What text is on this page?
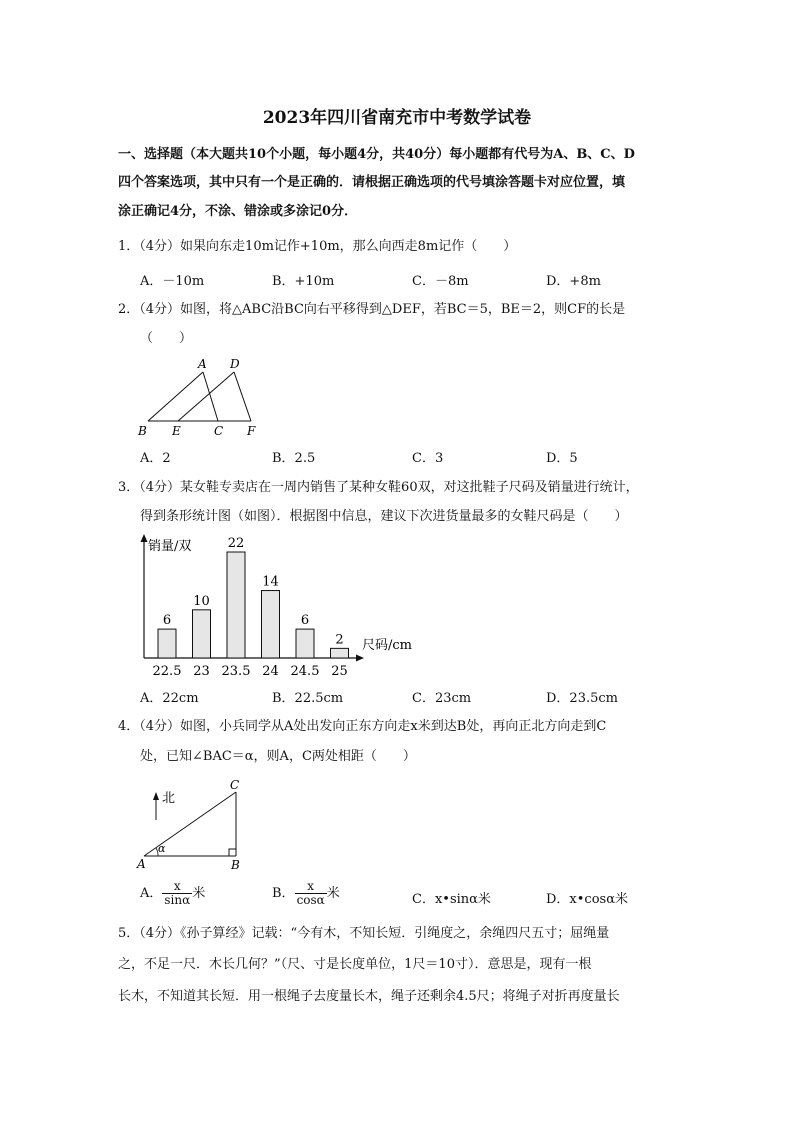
2023年四川省南充市中考数学试卷
一、选择题（本大题共10个小题，每小题4分，共40分）每小题都有代号为A、B、C、D
四个答案选项，其中只有一个是正确的．请根据正确选项的代号填涂答题卡对应位置，填
涂正确记4分，不涂、错涂或多涂记0分．
1．（4分）如果向东走10m记作+10m，那么向西走8m记作（　　）
A．－10m	B．+10m	C．－8m	D．+8m
2．（4分）如图，将△ABC沿BC向右平移得到△DEF，若BC＝5，BE＝2，则CF的长是
（　　）
A D
B E	C F
A．2	B．2.5	C．3	D．5
3．（4分）某女鞋专卖店在一周内销售了某种女鞋60双，对这批鞋子尺码及销量进行统计，
得到条形统计图（如图）．根据图中信息，建议下次进货量最多的女鞋尺码是（　　）
销量/双
尺码/cm
6
22.5
10
23
22
23.5
14
24
6
24.5
2
25
A．22cm	B．22.5cm	C．23cm	D．23.5cm
4．（4分）如图，小兵同学从A处出发向正东方向走x米到达B处，再向正北方向走到C
处，已知∠BAC＝α，则A，C两处相距（　　）
北
C
A	B
α
A． $\frac{x}{\sin\alpha}$ 米	B． $\frac{x}{\cos\alpha}$ 米	C．x•sinα米	D．x•cosα米
5．（4分）《孙子算经》记载：“今有木，不知长短．引绳度之，余绳四尺五寸；屈绳量
之，不足一尺．木长几何？”（尺、寸是长度单位，1尺＝10寸）．意思是，现有一根
长木，不知道其长短．用一根绳子去度量长木，绳子还剩余4.5尺；将绳子对折再度量长
